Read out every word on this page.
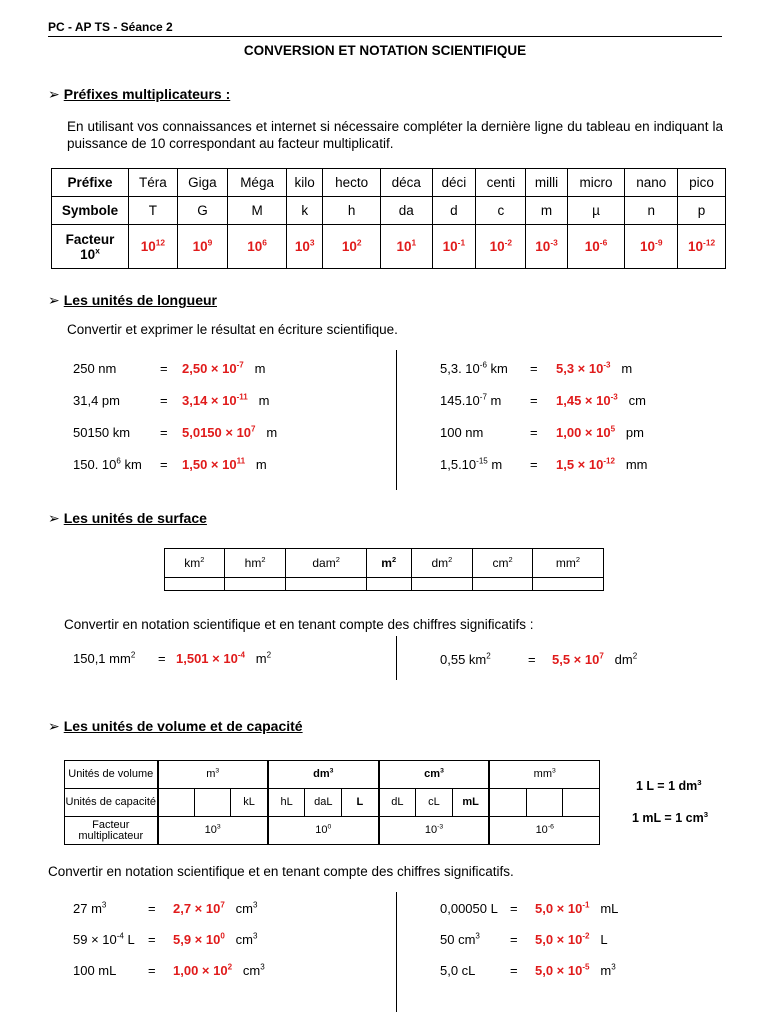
PC - AP TS - Séance 2
CONVERSION ET NOTATION SCIENTIFIQUE
➢ Préfixes multiplicateurs :
En utilisant vos connaissances et internet si nécessaire compléter la dernière ligne du tableau en indiquant la puissance de 10 correspondant au facteur multiplicatif.
Préfixe	Téra	Giga	Méga	kilo	hecto	déca	déci	centi	milli	micro	nano	pico
Symbole	T	G	M	k	h	da	d	c	m	µ	n	p
Facteur
10$^x$	$10^{12}$	$10^9$	$10^6$	$10^3$	$10^2$	$10^1$	$10^{-1}$	$10^{-2}$	$10^{-3}$	$10^{-6}$	$10^{-9}$	$10^{-12}$
➢ Les unités de longueur
Convertir et exprimer le résultat en écriture scientifique.
250 nm	= $2,50 \times 10^{-7}$   m
31,4 pm	= $3,14 \times 10^{-11}$   m
50150 km = $5,0150 \times 10^7$   m
150. $10^6$ km = $1,50 \times 10^{11}$   m
5,3. $10^{-6}$ km = $5,3 \times 10^{-3}$   m
$145.10^{-7}$ $m = 1,45 \times 10^{-3}$   cm
100 nm	= $1,00 \times 10^5$   pm
$1,5.10^{-15}$ $m = 1,5 \times 10^{-12}$   mm
➢ Les unités de surface
$km^2$	$hm^2$	dam$^2$	$m^2$	$dm^2$	$cm^2$	$mm^2$

Convertir en notation scientifique et en tenant compte des chiffres significatifs :
150,1 $mm^2 = 1,501 \times 10^{-4}$   $m^2$	0,55 $km^2$	= $5,5 \times 10^7$   $dm^2$
➢ Les unités de volume et de capacité
Unités de volume	$m^3$			$dm^3$			$cm^3$			$mm^3$
Unités de capacité			kL	hL	daL	L	dL	cL	mL			
Facteur multiplicateur	$10^3$			$10^0$			$10^{-3}$			$10^{-6}$
1 L = 1 $dm^3$
1 mL = 1 $cm^3$
Convertir en notation scientifique et en tenant compte des chiffres significatifs.
27 $m^3$	= $2,7 \times 10^7$   $cm^3$
$59 \times 10^{-4}$ $L = 5,9 \times 10^0$   $cm^3$
100 mL = $1,00 \times 10^2$   $cm^3$
0,00050 $L = 5,0 \times 10^{-1}$   mL
50 $cm^3 = 5,0 \times 10^{-2}$   L
5,0 cL	= $5,0 \times 10^{-5}$   $m^3$
